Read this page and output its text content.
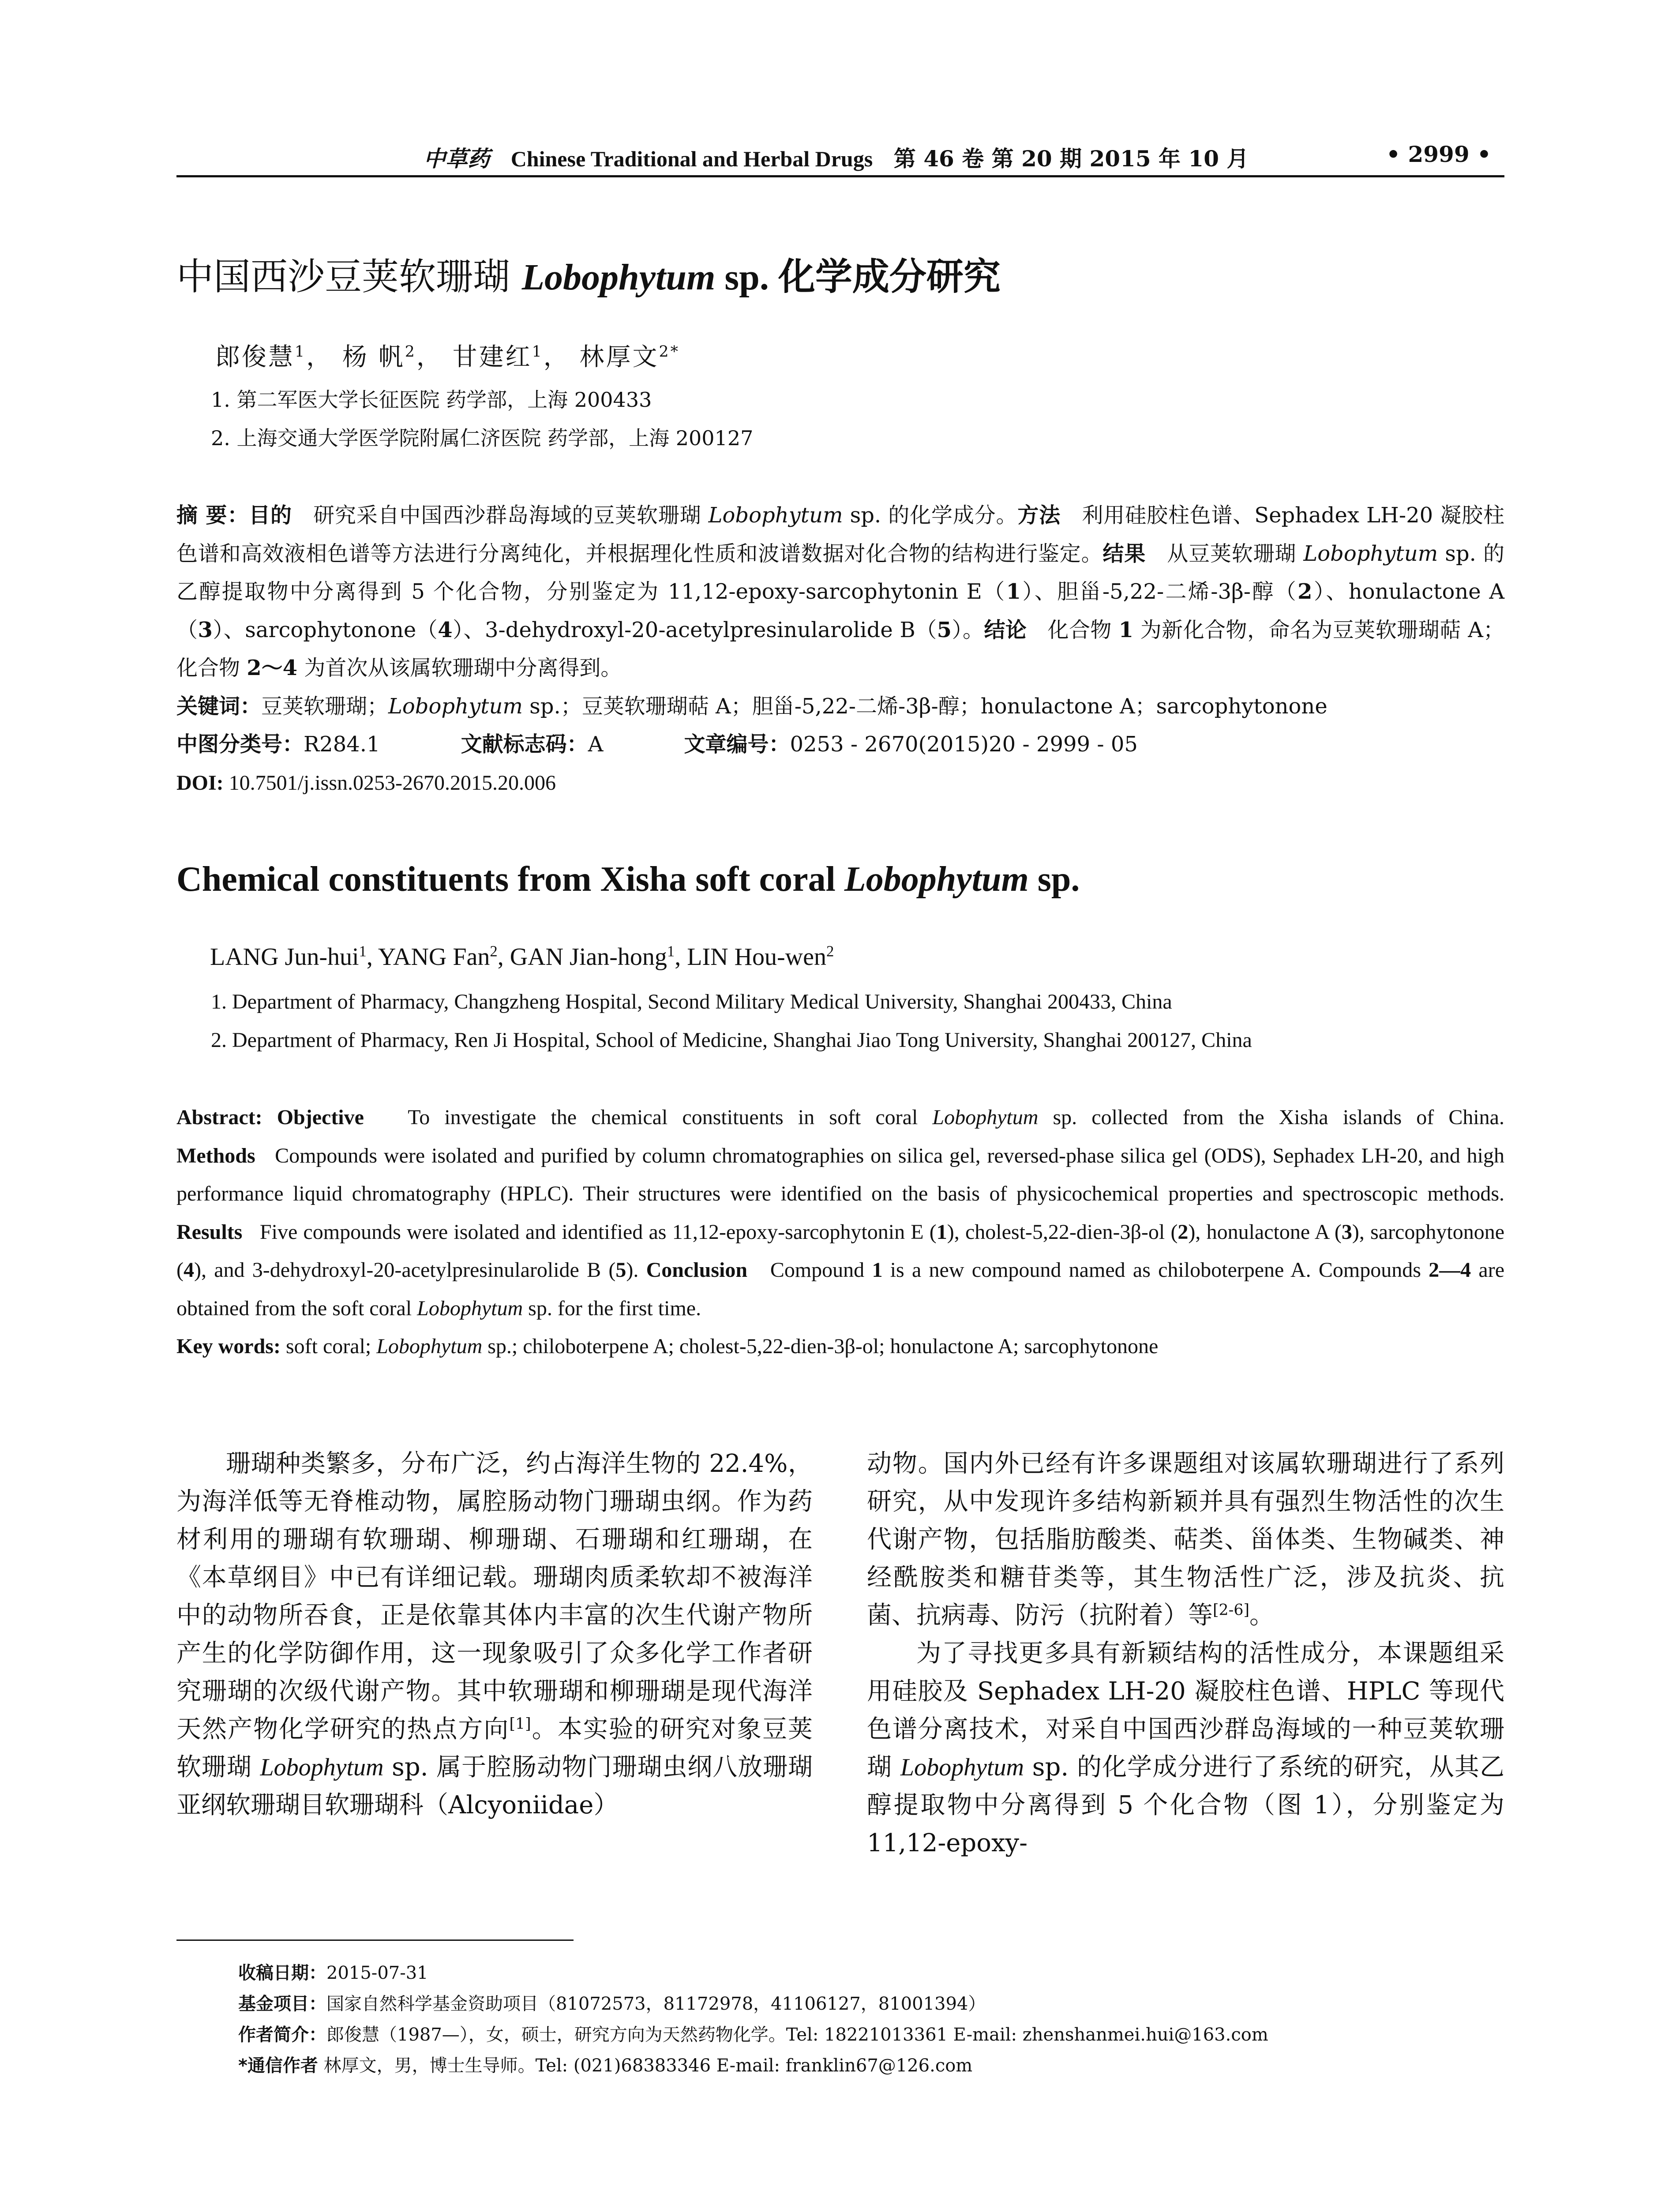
中草药 Chinese Traditional and Herbal Drugs 第 46 卷 第 20 期 2015 年 10 月	• 2999 •
中国西沙豆荚软珊瑚 Lobophytum sp. 化学成分研究
郎俊慧$^1$， 杨 帆$^2$， 甘建红$^1$， 林厚文$^{2*}$
1. 第二军医大学长征医院 药学部，上海 200433
2. 上海交通大学医学院附属仁济医院 药学部，上海 200127

摘 要：目的 研究采自中国西沙群岛海域的豆荚软珊瑚 Lobophytum sp. 的化学成分。方法 利用硅胶柱色谱、Sephadex LH-20 凝胶柱色谱和高效液相色谱等方法进行分离纯化，并根据理化性质和波谱数据对化合物的结构进行鉴定。结果 从豆荚软珊瑚 Lobophytum sp. 的乙醇提取物中分离得到 5 个化合物，分别鉴定为 11,12-epoxy-sarcophytonin E（1）、胆甾-5,22-二烯-3β-醇（2）、honulactone A（3）、sarcophytonone（4）、3-dehydroxyl-20-acetylpresinularolide B（5）。结论 化合物 1 为新化合物，命名为豆荚软珊瑚萜 A；化合物 2～4 为首次从该属软珊瑚中分离得到。

关键词：豆荚软珊瑚；Lobophytum sp.；豆荚软珊瑚萜 A；胆甾-5,22-二烯-3β-醇；honulactone A；sarcophytonone

中图分类号：R284.1	文献标志码：A	文章编号：0253 - 2670(2015)20 - 2999 - 05

DOI: 10.7501/j.issn.0253-2670.2015.20.006

Chemical constituents from Xisha soft coral Lobophytum sp.
LANG Jun-hui$^1$, YANG Fan$^2$, GAN Jian-hong$^1$, LIN Hou-wen$^2$
1. Department of Pharmacy, Changzheng Hospital, Second Military Medical University, Shanghai 200433, China
2. Department of Pharmacy, Ren Ji Hospital, School of Medicine, Shanghai Jiao Tong University, Shanghai 200127, China

Abstract: Objective To investigate the chemical constituents in soft coral Lobophytum sp. collected from the Xisha islands of China. Methods Compounds were isolated and purified by column chromatographies on silica gel, reversed-phase silica gel (ODS), Sephadex LH-20, and high performance liquid chromatography (HPLC). Their structures were identified on the basis of physicochemical properties and spectroscopic methods. Results Five compounds were isolated and identified as 11,12-epoxy-sarcophytonin E (1), cholest-5,22-dien-3β-ol (2), honulactone A (3), sarcophytonone (4), and 3-dehydroxyl-20-acetylpresinularolide B (5). Conclusion Compound 1 is a new compound named as chiloboterpene A. Compounds 2—4 are obtained from the soft coral Lobophytum sp. for the first time.

Key words: soft coral; Lobophytum sp.; chiloboterpene A; cholest-5,22-dien-3β-ol; honulactone A; sarcophytonone

珊瑚种类繁多，分布广泛，约占海洋生物的 22.4%，为海洋低等无脊椎动物，属腔肠动物门珊瑚虫纲。作为药材利用的珊瑚有软珊瑚、柳珊瑚、石珊瑚和红珊瑚，在《本草纲目》中已有详细记载。珊瑚肉质柔软却不被海洋中的动物所吞食，正是依靠其体内丰富的次生代谢产物所产生的化学防御作用，这一现象吸引了众多化学工作者研究珊瑚的次级代谢产物。其中软珊瑚和柳珊瑚是现代海洋天然产物化学研究的热点方向[1]。本实验的研究对象豆荚软珊瑚 Lobophytum sp. 属于腔肠动物门珊瑚虫纲八放珊瑚亚纲软珊瑚目软珊瑚科（Alcyoniidae）

动物。国内外已经有许多课题组对该属软珊瑚进行了系列研究，从中发现许多结构新颖并具有强烈生物活性的次生代谢产物，包括脂肪酸类、萜类、甾体类、生物碱类、神经酰胺类和糖苷类等，其生物活性广泛，涉及抗炎、抗菌、抗病毒、防污（抗附着）等[2-6]。

为了寻找更多具有新颖结构的活性成分，本课题组采用硅胶及 Sephadex LH-20 凝胶柱色谱、HPLC 等现代色谱分离技术，对采自中国西沙群岛海域的一种豆荚软珊瑚 Lobophytum sp. 的化学成分进行了系统的研究，从其乙醇提取物中分离得到 5 个化合物（图 1），分别鉴定为 11,12-epoxy-

收稿日期：2015-07-31
基金项目：国家自然科学基金资助项目（81072573，81172978，41106127，81001394）
作者简介：郎俊慧（1987—），女，硕士，研究方向为天然药物化学。Tel: 18221013361 E-mail: zhenshanmei.hui@163.com
*通信作者 林厚文，男，博士生导师。Tel: (021)68383346 E-mail: franklin67@126.com
